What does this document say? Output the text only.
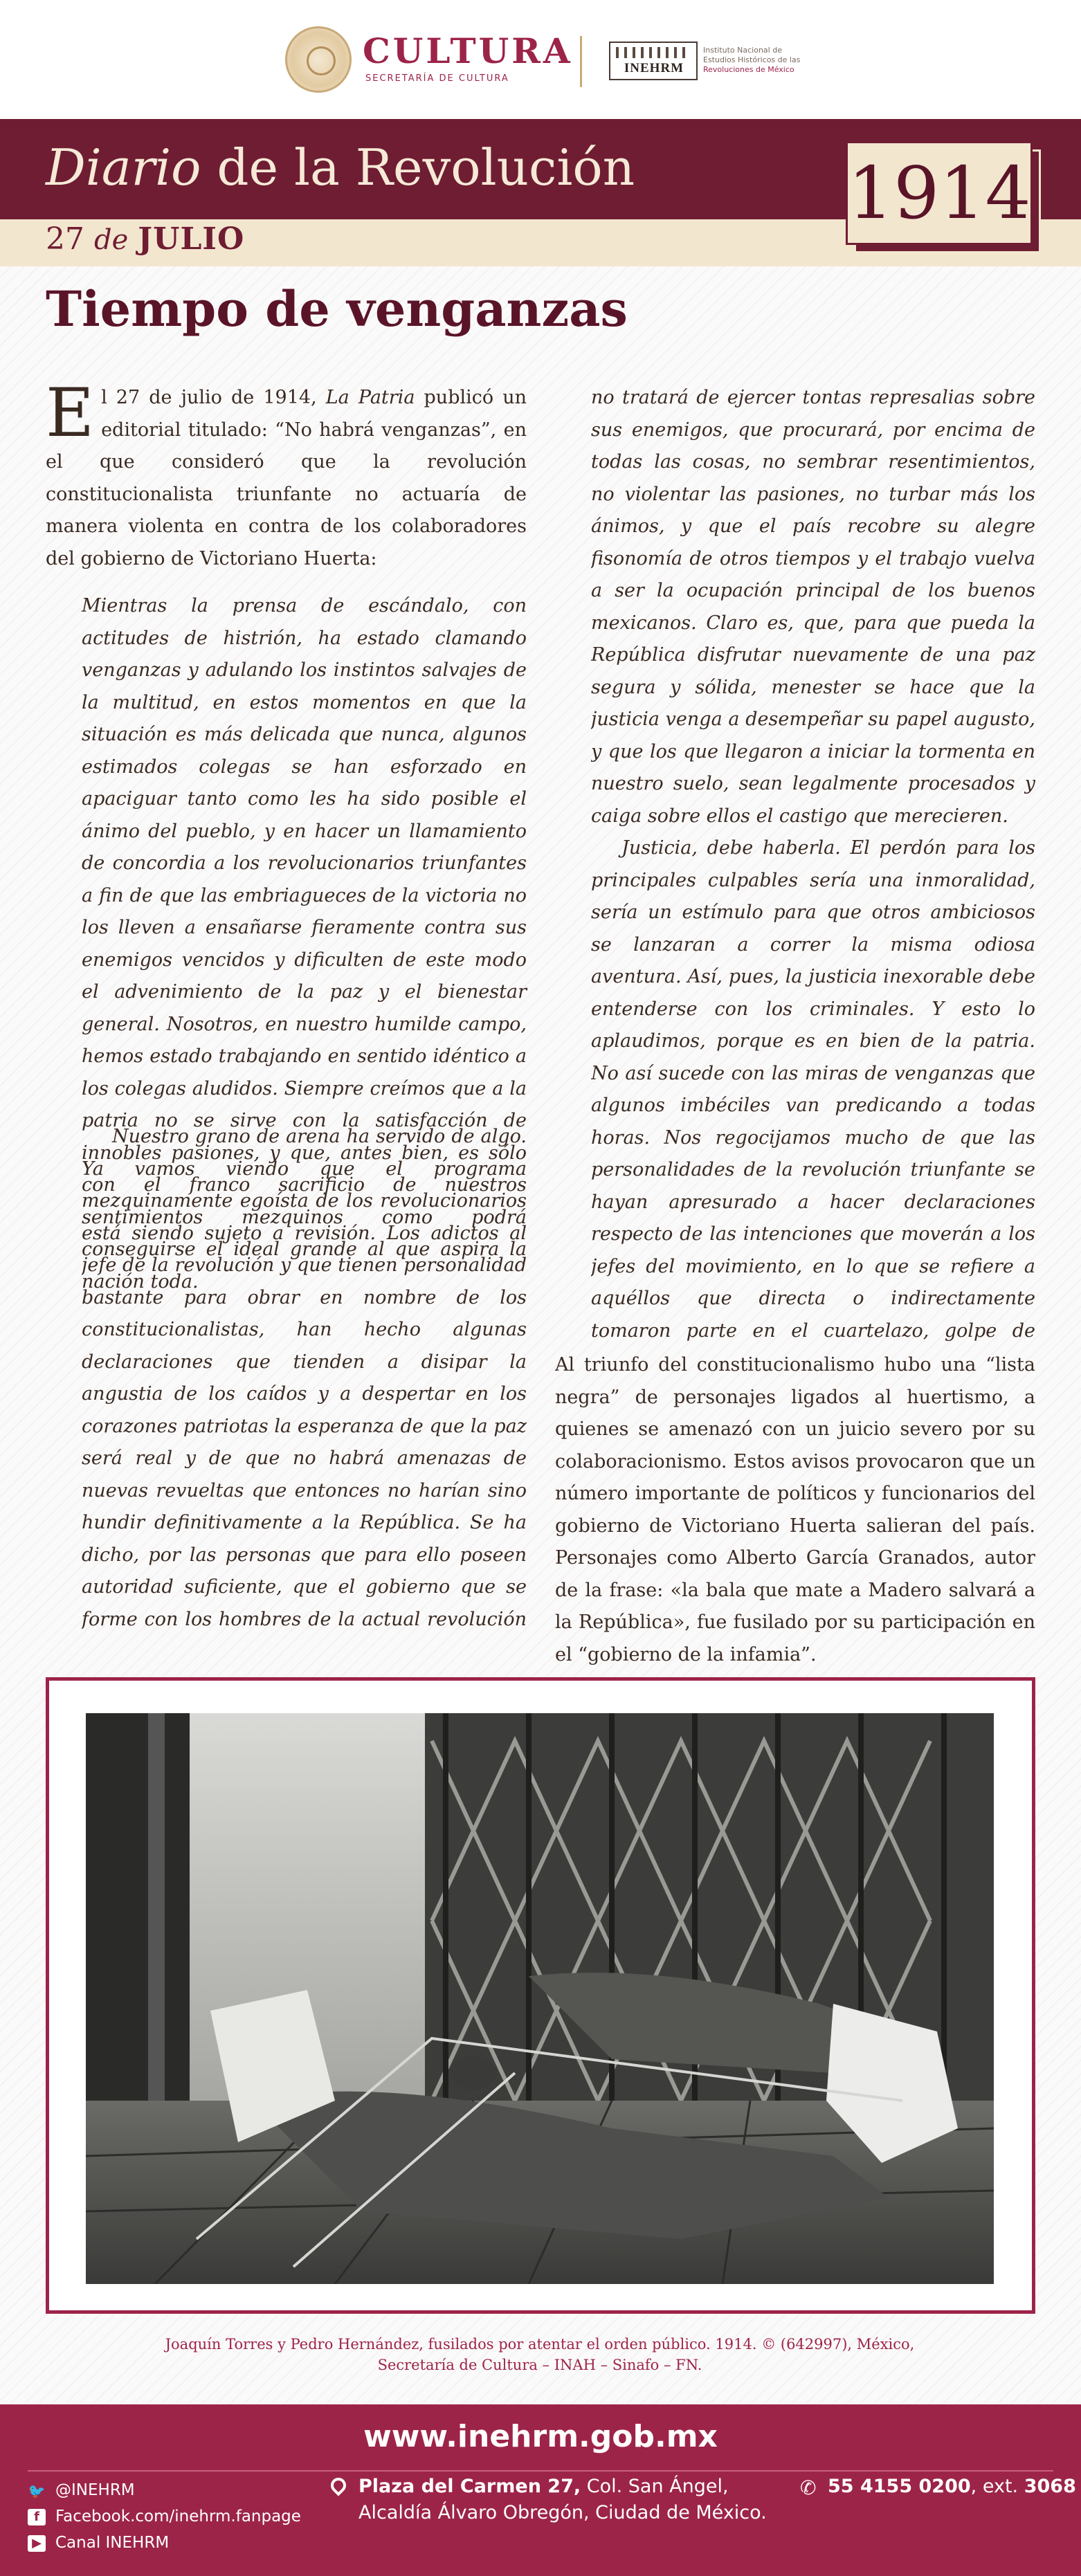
CULTURA
SECRETARÍA DE CULTURA
INEHRM
Instituto Nacional de
Estudios Históricos de las
Revoluciones de México
Diario de la Revolución
27 de JULIO
1914
Tiempo de venganzas

El 27 de julio de 1914, La Patria publicó un editorial titulado: “No habrá venganzas”, en el que consideró que la revolución constitucionalista triunfante no actuaría de manera violenta en contra de los colaboradores del gobierno de Victoriano Huerta:

Mientras la prensa de escándalo, con actitudes de histrión, ha estado clamando venganzas y adulando los instintos salvajes de la multitud, en estos momentos en que la situación es más delicada que nunca, algunos estimados colegas se han esforzado en apaciguar tanto como les ha sido posible el ánimo del pueblo, y en hacer un llamamiento de concordia a los revolucionarios triunfantes a fin de que las embriagueces de la victoria no los lleven a ensañarse fieramente contra sus enemigos vencidos y dificulten de este modo el advenimiento de la paz y el bienestar general. Nosotros, en nuestro humilde campo, hemos estado trabajando en sentido idéntico a los colegas aludidos. Siempre creímos que a la patria no se sirve con la satisfacción de innobles pasiones, y que, antes bien, es sólo con el franco sacrificio de nuestros sentimientos mezquinos como podrá conseguirse el ideal grande al que aspira la nación toda.

Nuestro grano de arena ha servido de algo. Ya vamos viendo que el programa mezquinamente egoísta de los revolucionarios está siendo sujeto a revisión. Los adictos al jefe de la revolución y que tienen personalidad bastante para obrar en nombre de los constitucionalistas, han hecho algunas declaraciones que tienden a disipar la angustia de los caídos y a despertar en los corazones patriotas la esperanza de que la paz será real y de que no habrá amenazas de nuevas revueltas que entonces no harían sino hundir definitivamente a la República. Se ha dicho, por las personas que para ello poseen autoridad suficiente, que el gobierno que se forme con los hombres de la actual revolución

no tratará de ejercer tontas represalias sobre sus enemigos, que procurará, por encima de todas las cosas, no sembrar resentimientos, no violentar las pasiones, no turbar más los ánimos, y que el país recobre su alegre fisonomía de otros tiempos y el trabajo vuelva a ser la ocupación principal de los buenos mexicanos. Claro es, que, para que pueda la República disfrutar nuevamente de una paz segura y sólida, menester se hace que la justicia venga a desempeñar su papel augusto, y que los que llegaron a iniciar la tormenta en nuestro suelo, sean legalmente procesados y caiga sobre ellos el castigo que merecieren.

Justicia, debe haberla. El perdón para los principales culpables sería una inmoralidad, sería un estímulo para que otros ambiciosos se lanzaran a correr la misma odiosa aventura. Así, pues, la justicia inexorable debe entenderse con los criminales. Y esto lo aplaudimos, porque es en bien de la patria. No así sucede con las miras de venganzas que algunos imbéciles van predicando a todas horas. Nos regocijamos mucho de que las personalidades de la revolución triunfante se hayan apresurado a hacer declaraciones respecto de las intenciones que moverán a los jefes del movimiento, en lo que se refiere a aquéllos que directa o indirectamente tomaron parte en el cuartelazo, golpe de

Al triunfo del constitucionalismo hubo una “lista negra” de personajes ligados al huertismo, a quienes se amenazó con un juicio severo por su colaboracionismo. Estos avisos provocaron que un número importante de políticos y funcionarios del gobierno de Victoriano Huerta salieran del país. Personajes como Alberto García Granados, autor de la frase: «la bala que mate a Madero salvará a la República», fue fusilado por su participación en el “gobierno de la infamia”.

Joaquín Torres y Pedro Hernández, fusilados por atentar el orden público. 1914. © (642997), México,
Secretaría de Cultura – INAH – Sinafo – FN.
www.inehrm.gob.mx
🐦 @INEHRM
f	Facebook.com/inehrm.fanpage
▶ Canal INEHRM
Plaza del Carmen 27, Col. San Ángel,
Alcaldía Álvaro Obregón, Ciudad de México.
✆ 55 4155 0200, ext. 3068
